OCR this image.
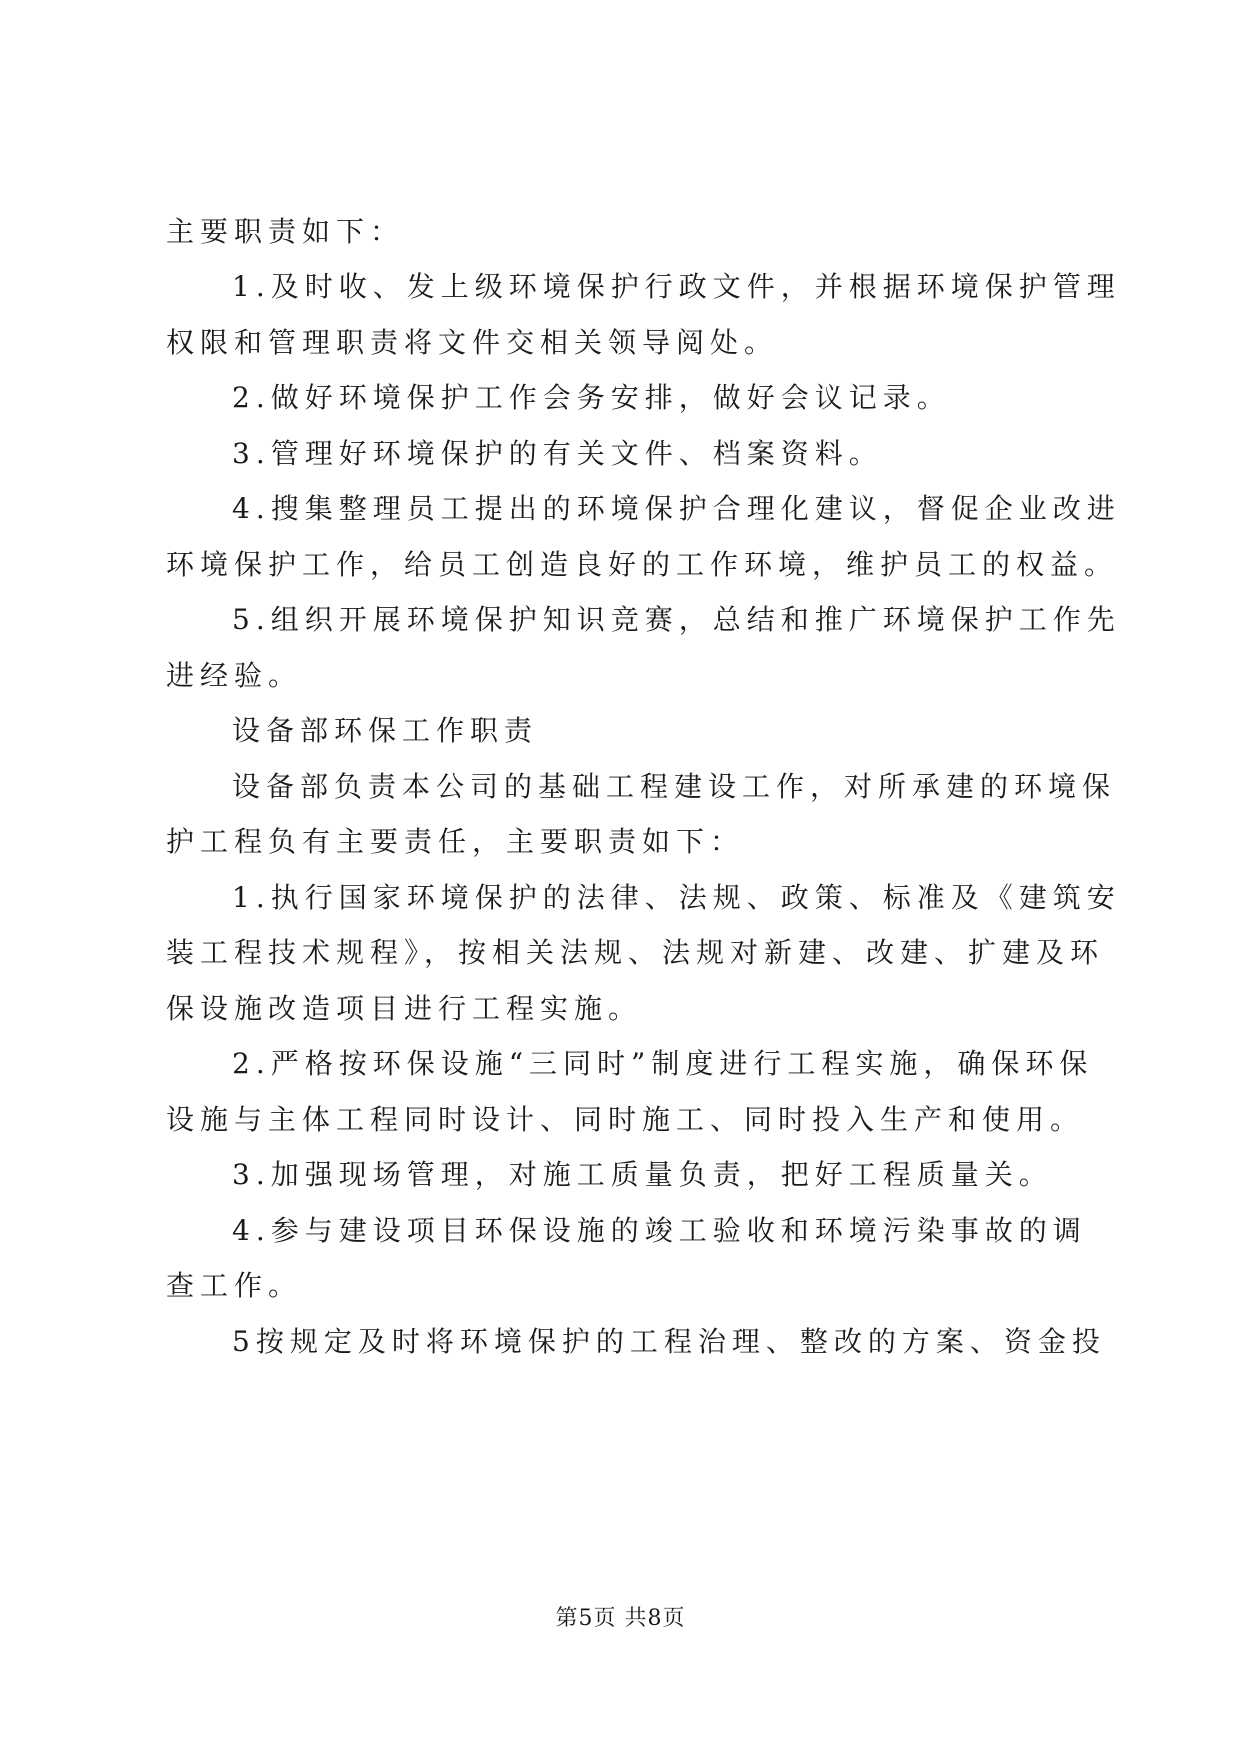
主要职责如下：
1.及时收、发上级环境保护行政文件，并根据环境保护管理
权限和管理职责将文件交相关领导阅处。
2.做好环境保护工作会务安排，做好会议记录。
3.管理好环境保护的有关文件、档案资料。
4.搜集整理员工提出的环境保护合理化建议，督促企业改进
环境保护工作，给员工创造良好的工作环境，维护员工的权益。
5.组织开展环境保护知识竞赛，总结和推广环境保护工作先
进经验。
设备部环保工作职责
设备部负责本公司的基础工程建设工作，对所承建的环境保
护工程负有主要责任，主要职责如下：
1.执行国家环境保护的法律、法规、政策、标准及《建筑安
装工程技术规程》，按相关法规、法规对新建、改建、扩建及环
保设施改造项目进行工程实施。
2.严格按环保设施“三同时”制度进行工程实施，确保环保
设施与主体工程同时设计、同时施工、同时投入生产和使用。
3.加强现场管理，对施工质量负责，把好工程质量关。
4.参与建设项目环保设施的竣工验收和环境污染事故的调
查工作。
5按规定及时将环境保护的工程治理、整改的方案、资金投
第5页 共8页
